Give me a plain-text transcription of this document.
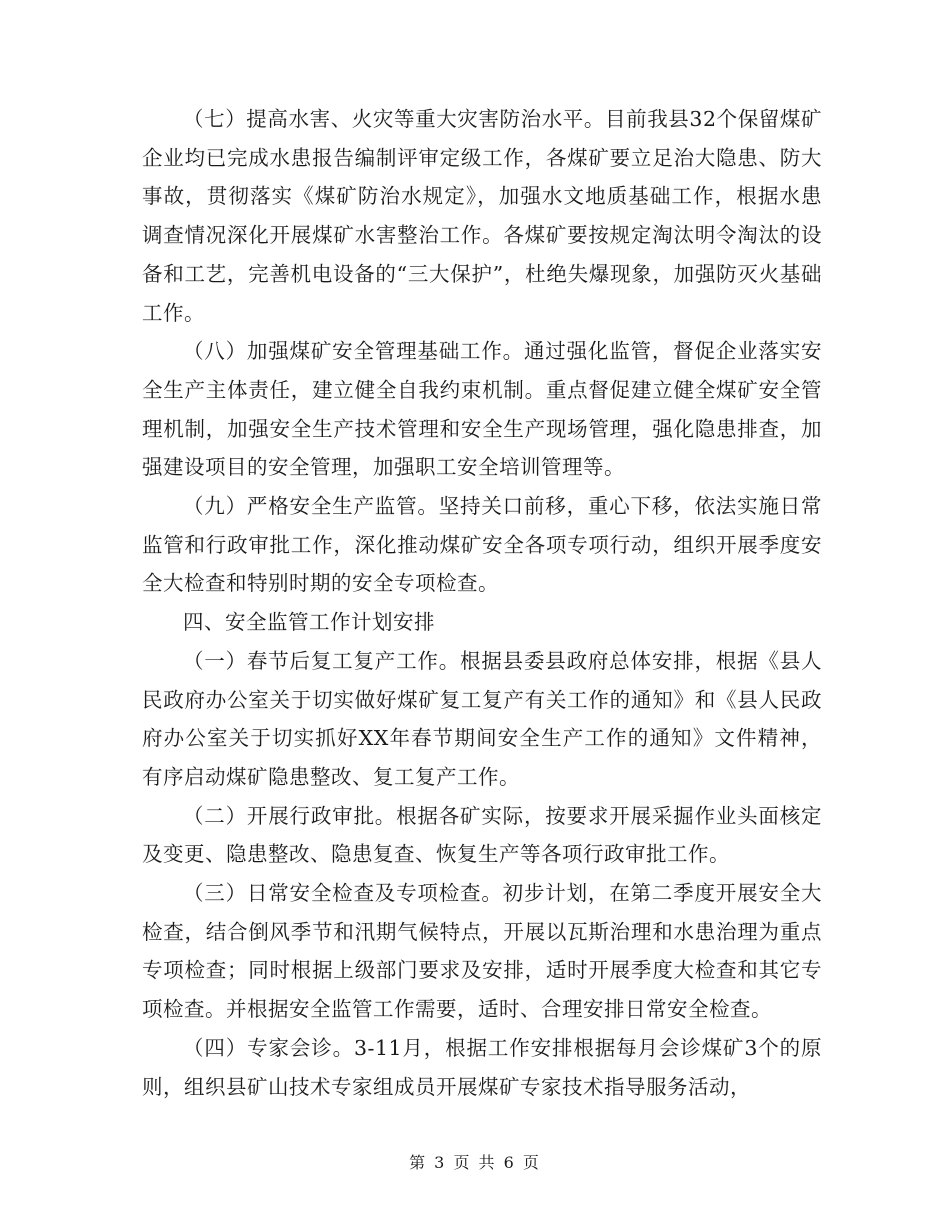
（七）提高水害、火灾等重大灾害防治水平。目前我县32个保留煤矿企业均已完成水患报告编制评审定级工作，各煤矿要立足治大隐患、防大事故，贯彻落实《煤矿防治水规定》，加强水文地质基础工作，根据水患调查情况深化开展煤矿水害整治工作。各煤矿要按规定淘汰明令淘汰的设备和工艺，完善机电设备的“三大保护”，杜绝失爆现象，加强防灭火基础工作。

（八）加强煤矿安全管理基础工作。通过强化监管，督促企业落实安全生产主体责任，建立健全自我约束机制。重点督促建立健全煤矿安全管理机制，加强安全生产技术管理和安全生产现场管理，强化隐患排查，加强建设项目的安全管理，加强职工安全培训管理等。

（九）严格安全生产监管。坚持关口前移，重心下移，依法实施日常监管和行政审批工作，深化推动煤矿安全各项专项行动，组织开展季度安全大检查和特别时期的安全专项检查。

四、安全监管工作计划安排

（一）春节后复工复产工作。根据县委县政府总体安排，根据《县人民政府办公室关于切实做好煤矿复工复产有关工作的通知》和《县人民政府办公室关于切实抓好XX年春节期间安全生产工作的通知》文件精神，有序启动煤矿隐患整改、复工复产工作。

（二）开展行政审批。根据各矿实际，按要求开展采掘作业头面核定及变更、隐患整改、隐患复查、恢复生产等各项行政审批工作。

（三）日常安全检查及专项检查。初步计划，在第二季度开展安全大检查，结合倒风季节和汛期气候特点，开展以瓦斯治理和水患治理为重点专项检查；同时根据上级部门要求及安排，适时开展季度大检查和其它专项检查。并根据安全监管工作需要，适时、合理安排日常安全检查。

（四）专家会诊。3-11月，根据工作安排根据每月会诊煤矿3个的原则，组织县矿山技术专家组成员开展煤矿专家技术指导服务活动，

第 3 页 共 6 页
